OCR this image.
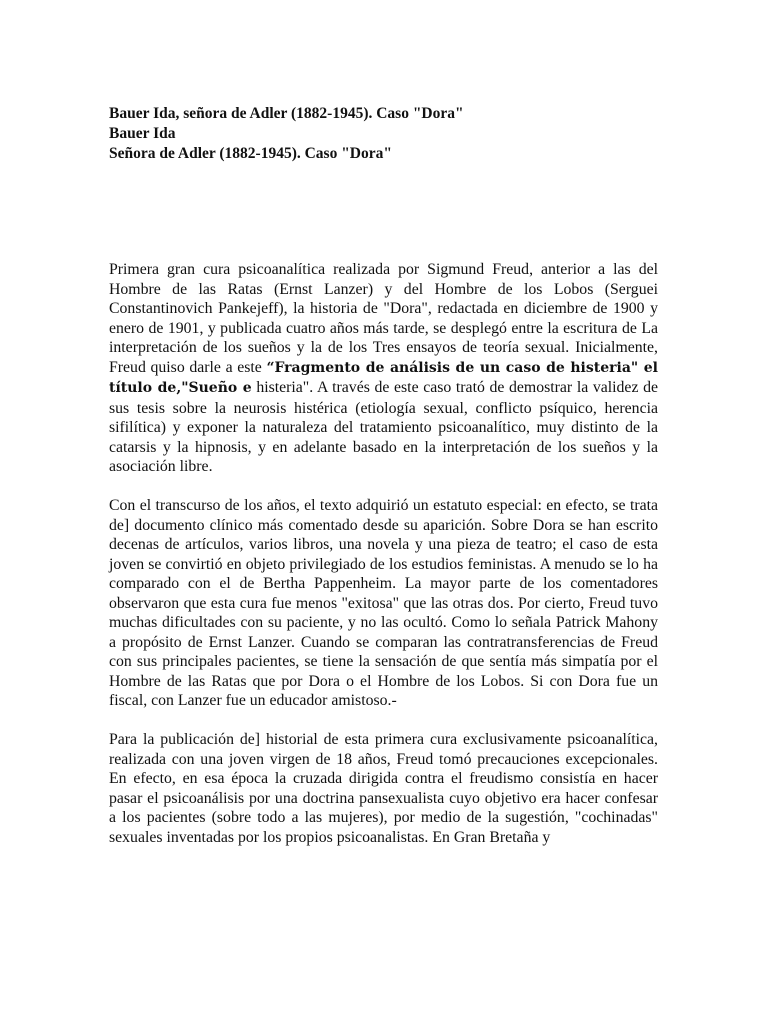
Bauer Ida, señora de Adler (1882-1945). Caso "Dora"
Bauer Ida
Señora de Adler (1882-1945). Caso "Dora"

Primera gran cura psicoanalítica realizada por Sigmund Freud, anterior a las del Hombre de las Ratas (Ernst Lanzer) y del Hombre de los Lobos (Serguei Constantinovich Pankejeff), la historia de "Dora", redactada en diciembre de 1900 y enero de 1901, y publicada cuatro años más tarde, se desplegó entre la escritura de La interpretación de los sueños y la de los Tres ensayos de teoría sexual. Inicialmente, Freud quiso darle a este “Fragmento de análisis de un caso de histeria" el título de,"Sueño e histeria". A través de este caso trató de demostrar la validez de sus tesis sobre la neurosis histérica (etiología sexual, conflicto psíquico, herencia sifilítica) y exponer la naturaleza del tratamiento psicoanalítico, muy distinto de la catarsis y la hipnosis, y en adelante basado en la interpretación de los sueños y la asociación libre.

Con el transcurso de los años, el texto adquirió un estatuto especial: en efecto, se trata de] documento clínico más comentado desde su aparición. Sobre Dora se han escrito decenas de artículos, varios libros, una novela y una pieza de teatro; el caso de esta joven se convirtió en objeto privilegiado de los estudios feministas. A menudo se lo ha comparado con el de Bertha Pappenheim. La mayor parte de los comentadores observaron que esta cura fue menos "exitosa" que las otras dos. Por cierto, Freud tuvo muchas dificultades con su paciente, y no las ocultó. Como lo señala Patrick Mahony a propósito de Ernst Lanzer. Cuando se comparan las contratransferencias de Freud con sus principales pacientes, se tiene la sensación de que sentía más simpatía por el Hombre de las Ratas que por Dora o el Hombre de los Lobos. Si con Dora fue un fiscal, con Lanzer fue un educador amistoso.-

Para la publicación de] historial de esta primera cura exclusivamente psicoanalítica, realizada con una joven virgen de 18 años, Freud tomó precauciones excepcionales. En efecto, en esa época la cruzada dirigida contra el freudismo consistía en hacer pasar el psicoanálisis por una doctrina pansexualista cuyo objetivo era hacer confesar a los pacientes (sobre todo a las mujeres), por medio de la sugestión, "cochinadas" sexuales inventadas por los propios psicoanalistas. En Gran Bretaña y
